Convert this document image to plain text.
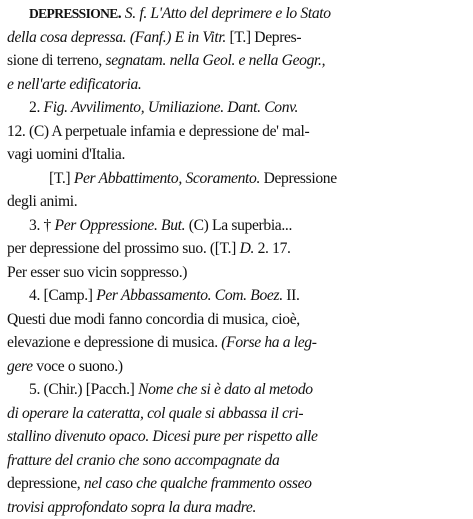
DEPRESSIONE. S. f. L'Atto del deprimere e lo Stato
della cosa depressa. (Fanf.) E in Vitr. [T.] Depres-
sione di terreno, segnatam. nella Geol. e nella Geogr.,
e nell'arte edificatoria.
2. Fig. Avvilimento, Umiliazione. Dant. Conv.
12. (C) A perpetuale infamia e depressione de' mal-
vagi uomini d'Italia.
[T.] Per Abbattimento, Scoramento. Depressione
degli animi.
3. † Per Oppressione. But. (C) La superbia...
per depressione del prossimo suo. ([T.] D. 2. 17.
Per esser suo vicin soppresso.)
4. [Camp.] Per Abbassamento. Com. Boez. II.
Questi due modi fanno concordia di musica, cioè,
elevazione e depressione di musica. (Forse ha a leg-
gere voce o suono.)
5. (Chir.) [Pacch.] Nome che si è dato al metodo
di operare la cateratta, col quale si abbassa il cri-
stallino divenuto opaco. Dicesi pure per rispetto alle
fratture del cranio che sono accompagnate da
depressione, nel caso che qualche frammento osseo
trovisi approfondato sopra la dura madre.
